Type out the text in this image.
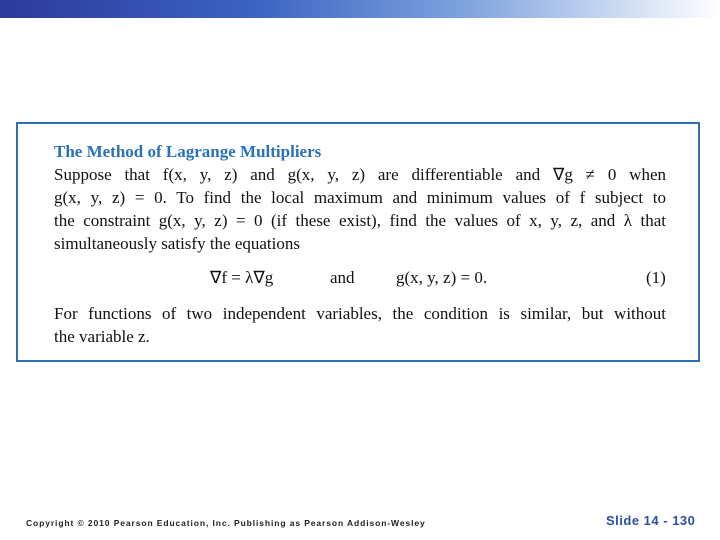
The Method of Lagrange Multipliers
Suppose that f(x, y, z) and g(x, y, z) are differentiable and ∇g ≠ 0 when
g(x, y, z) = 0. To find the local maximum and minimum values of f subject to
the constraint g(x, y, z) = 0 (if these exist), find the values of x, y, z, and λ that
simultaneously satisfy the equations
∇f = λ∇g	and g(x, y, z) = 0.	(1)
For functions of two independent variables, the condition is similar, but without
the variable z.
Copyright © 2010 Pearson Education, Inc. Publishing as Pearson Addison-Wesley	Slide 14 - 130
